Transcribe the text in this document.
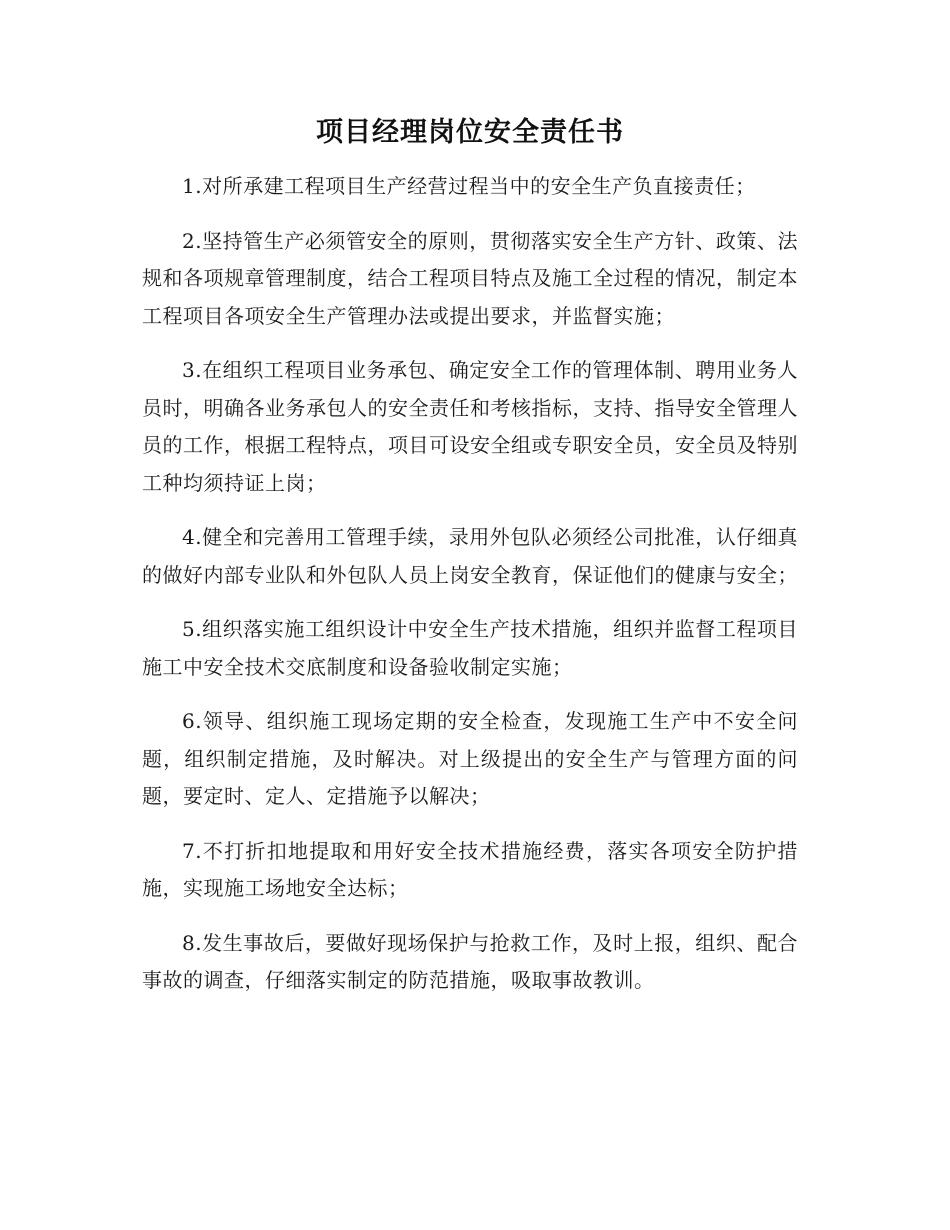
项目经理岗位安全责任书

1.对所承建工程项目生产经营过程当中的安全生产负直接责任；

2.坚持管生产必须管安全的原则，贯彻落实安全生产方针、政策、法规和各项规章管理制度，结合工程项目特点及施工全过程的情况，制定本工程项目各项安全生产管理办法或提出要求，并监督实施；

3.在组织工程项目业务承包、确定安全工作的管理体制、聘用业务人员时，明确各业务承包人的安全责任和考核指标，支持、指导安全管理人员的工作，根据工程特点，项目可设安全组或专职安全员，安全员及特别工种均须持证上岗；

4.健全和完善用工管理手续，录用外包队必须经公司批准，认仔细真的做好内部专业队和外包队人员上岗安全教育，保证他们的健康与安全；

5.组织落实施工组织设计中安全生产技术措施，组织并监督工程项目施工中安全技术交底制度和设备验收制定实施；

6.领导、组织施工现场定期的安全检查，发现施工生产中不安全问题，组织制定措施，及时解决。对上级提出的安全生产与管理方面的问题，要定时、定人、定措施予以解决；

7.不打折扣地提取和用好安全技术措施经费，落实各项安全防护措施，实现施工场地安全达标；

8.发生事故后，要做好现场保护与抢救工作，及时上报，组织、配合事故的调查，仔细落实制定的防范措施，吸取事故教训。
